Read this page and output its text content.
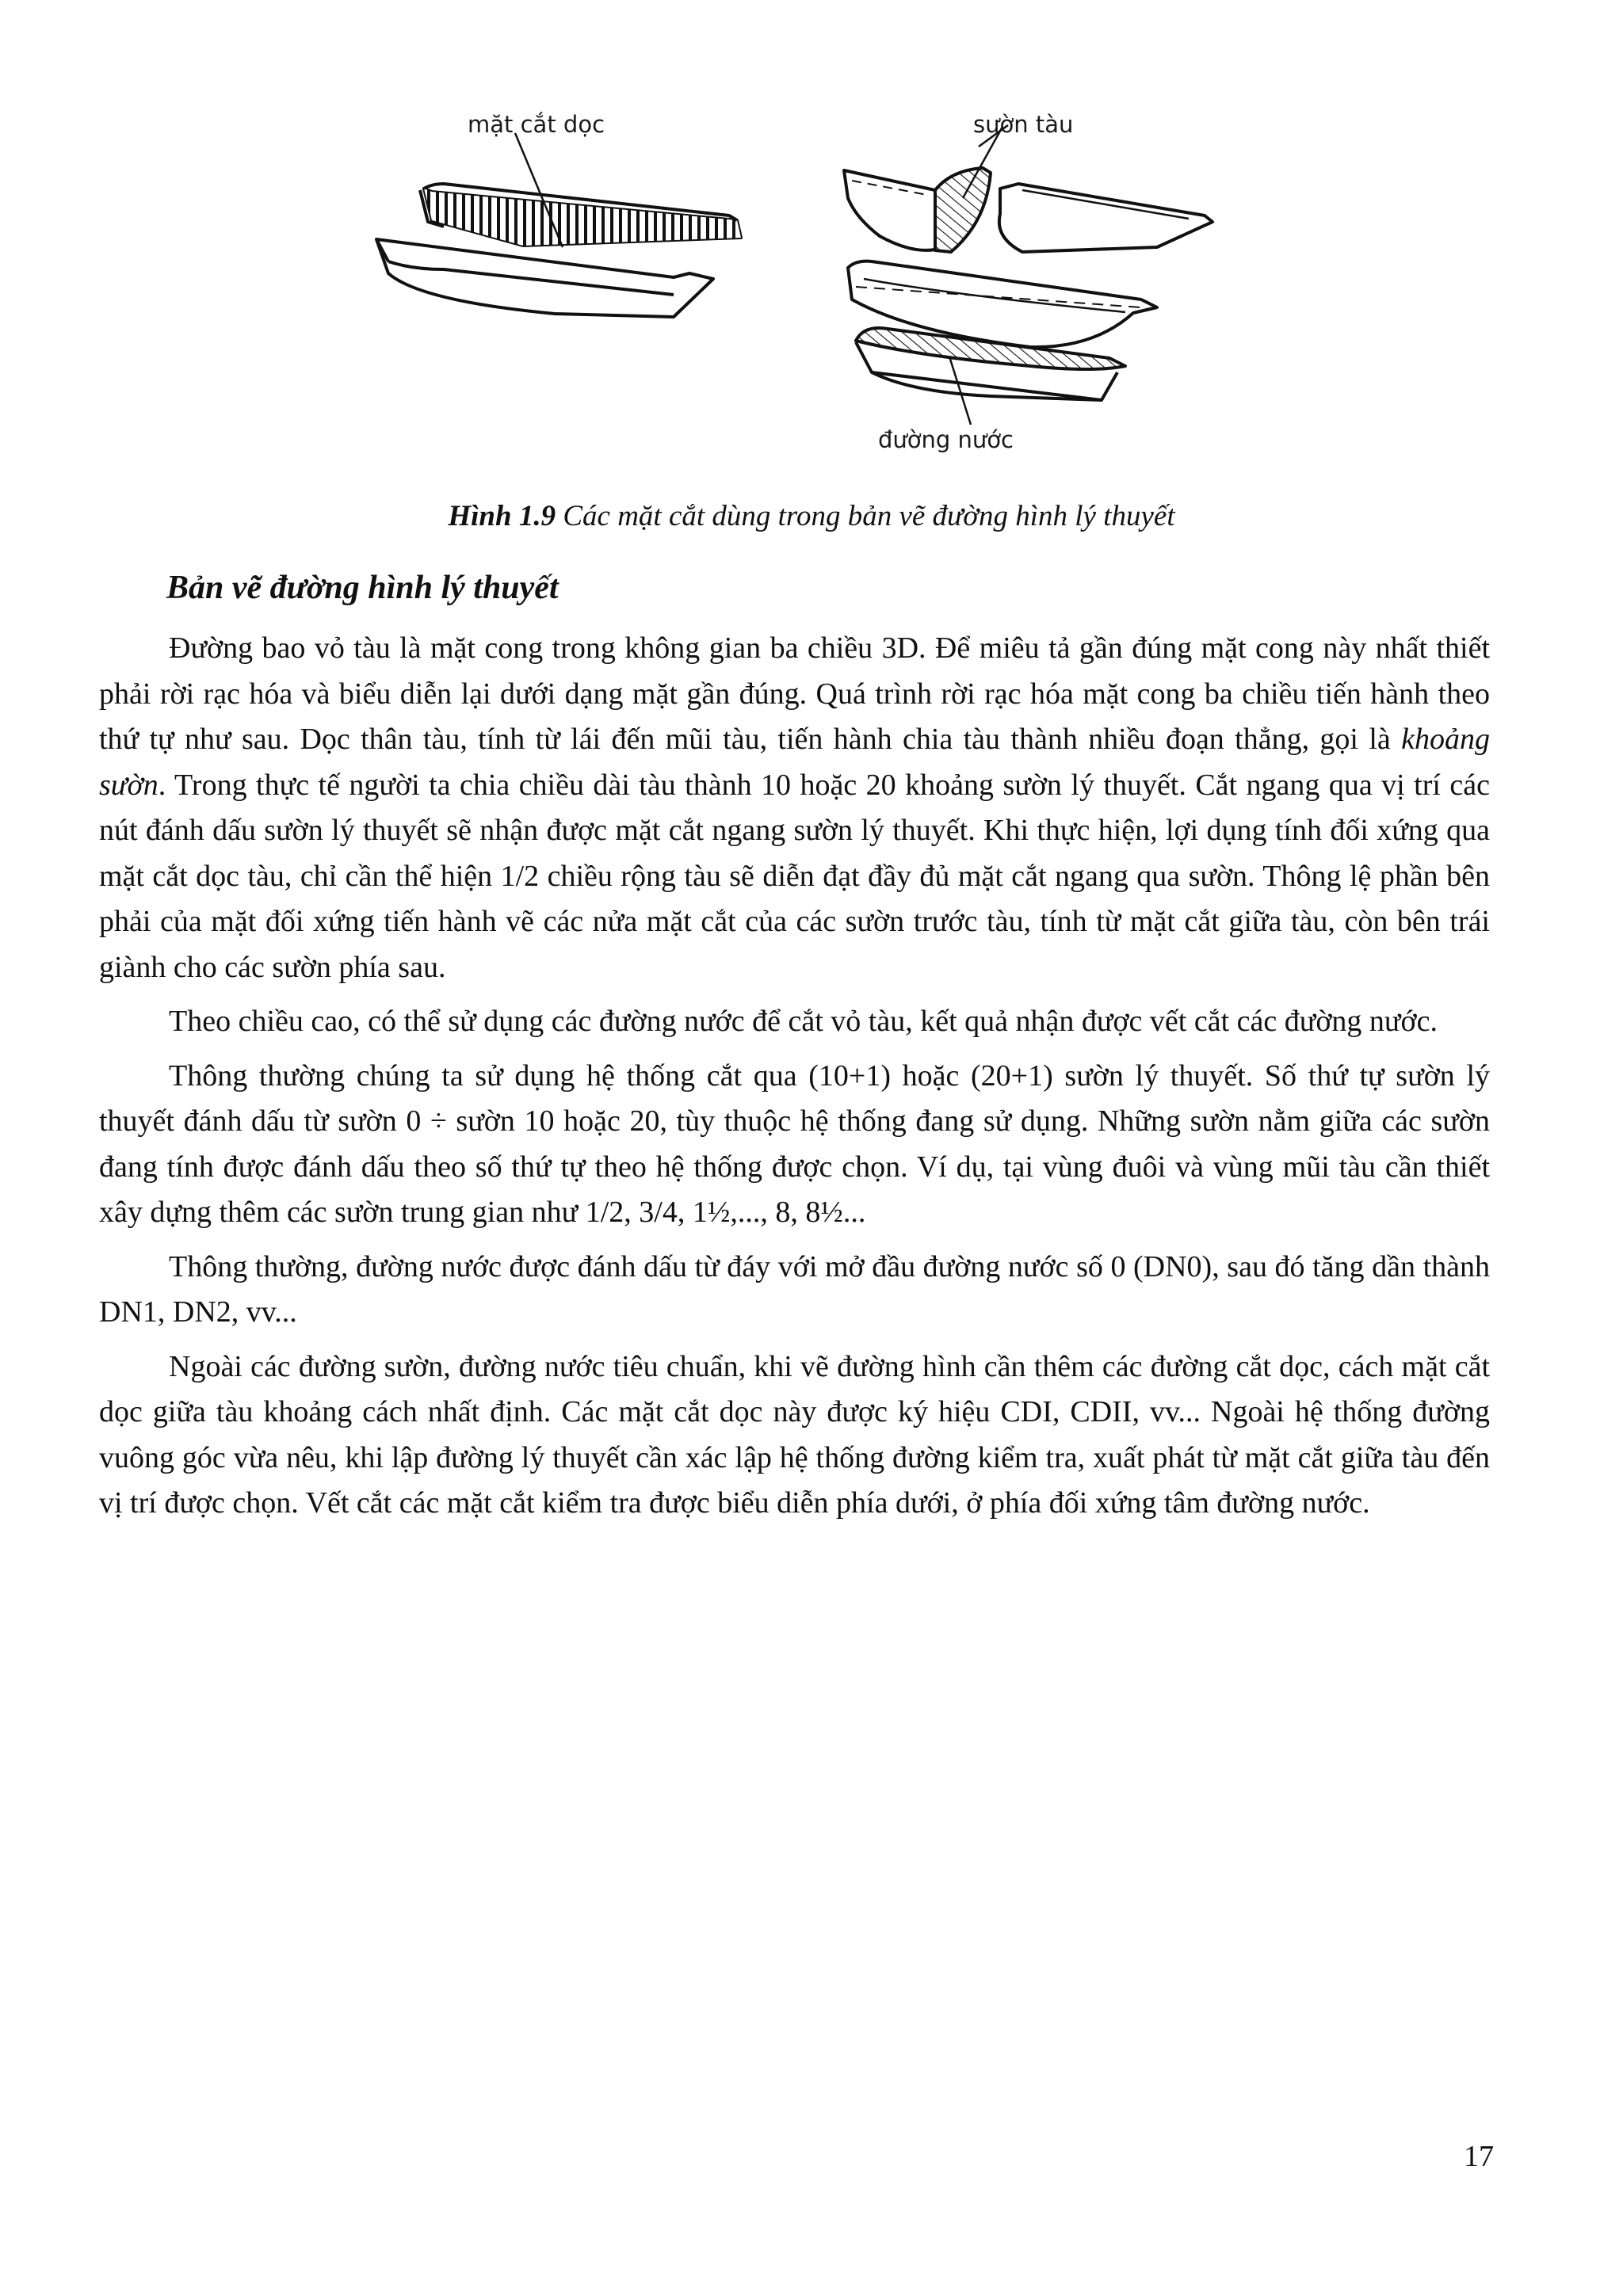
mặt cắt dọc	sườn tàu
đường nước
Hình 1.9 Các mặt cắt dùng trong bản vẽ đường hình lý thuyết
Bản vẽ đường hình lý thuyết

Đường bao vỏ tàu là mặt cong trong không gian ba chiều 3D. Để miêu tả gần đúng mặt cong này nhất thiết phải rời rạc hóa và biểu diễn lại dưới dạng mặt gần đúng. Quá trình rời rạc hóa mặt cong ba chiều tiến hành theo thứ tự như sau. Dọc thân tàu, tính từ lái đến mũi tàu, tiến hành chia tàu thành nhiều đoạn thẳng, gọi là khoảng sườn. Trong thực tế người ta chia chiều dài tàu thành 10 hoặc 20 khoảng sườn lý thuyết. Cắt ngang qua vị trí các nút đánh dấu sườn lý thuyết sẽ nhận được mặt cắt ngang sườn lý thuyết. Khi thực hiện, lợi dụng tính đối xứng qua mặt cắt dọc tàu, chỉ cần thể hiện 1/2 chiều rộng tàu sẽ diễn đạt đầy đủ mặt cắt ngang qua sườn. Thông lệ phần bên phải của mặt đối xứng tiến hành vẽ các nửa mặt cắt của các sườn trước tàu, tính từ mặt cắt giữa tàu, còn bên trái giành cho các sườn phía sau.

Theo chiều cao, có thể sử dụng các đường nước để cắt vỏ tàu, kết quả nhận được vết cắt các đường nước.

Thông thường chúng ta sử dụng hệ thống cắt qua (10+1) hoặc (20+1) sườn lý thuyết. Số thứ tự sườn lý thuyết đánh dấu từ sườn 0 ÷ sườn 10 hoặc 20, tùy thuộc hệ thống đang sử dụng. Những sườn nằm giữa các sườn đang tính được đánh dấu theo số thứ tự theo hệ thống được chọn. Ví dụ, tại vùng đuôi và vùng mũi tàu cần thiết xây dựng thêm các sườn trung gian như 1/2, 3/4, 1½,..., 8, 8½...

Thông thường, đường nước được đánh dấu từ đáy với mở đầu đường nước số 0 (DN0), sau đó tăng dần thành DN1, DN2, vv...

Ngoài các đường sườn, đường nước tiêu chuẩn, khi vẽ đường hình cần thêm các đường cắt dọc, cách mặt cắt dọc giữa tàu khoảng cách nhất định. Các mặt cắt dọc này được ký hiệu CDI, CDII, vv... Ngoài hệ thống đường vuông góc vừa nêu, khi lập đường lý thuyết cần xác lập hệ thống đường kiểm tra, xuất phát từ mặt cắt giữa tàu đến vị trí được chọn. Vết cắt các mặt cắt kiểm tra được biểu diễn phía dưới, ở phía đối xứng tâm đường nước.

17
